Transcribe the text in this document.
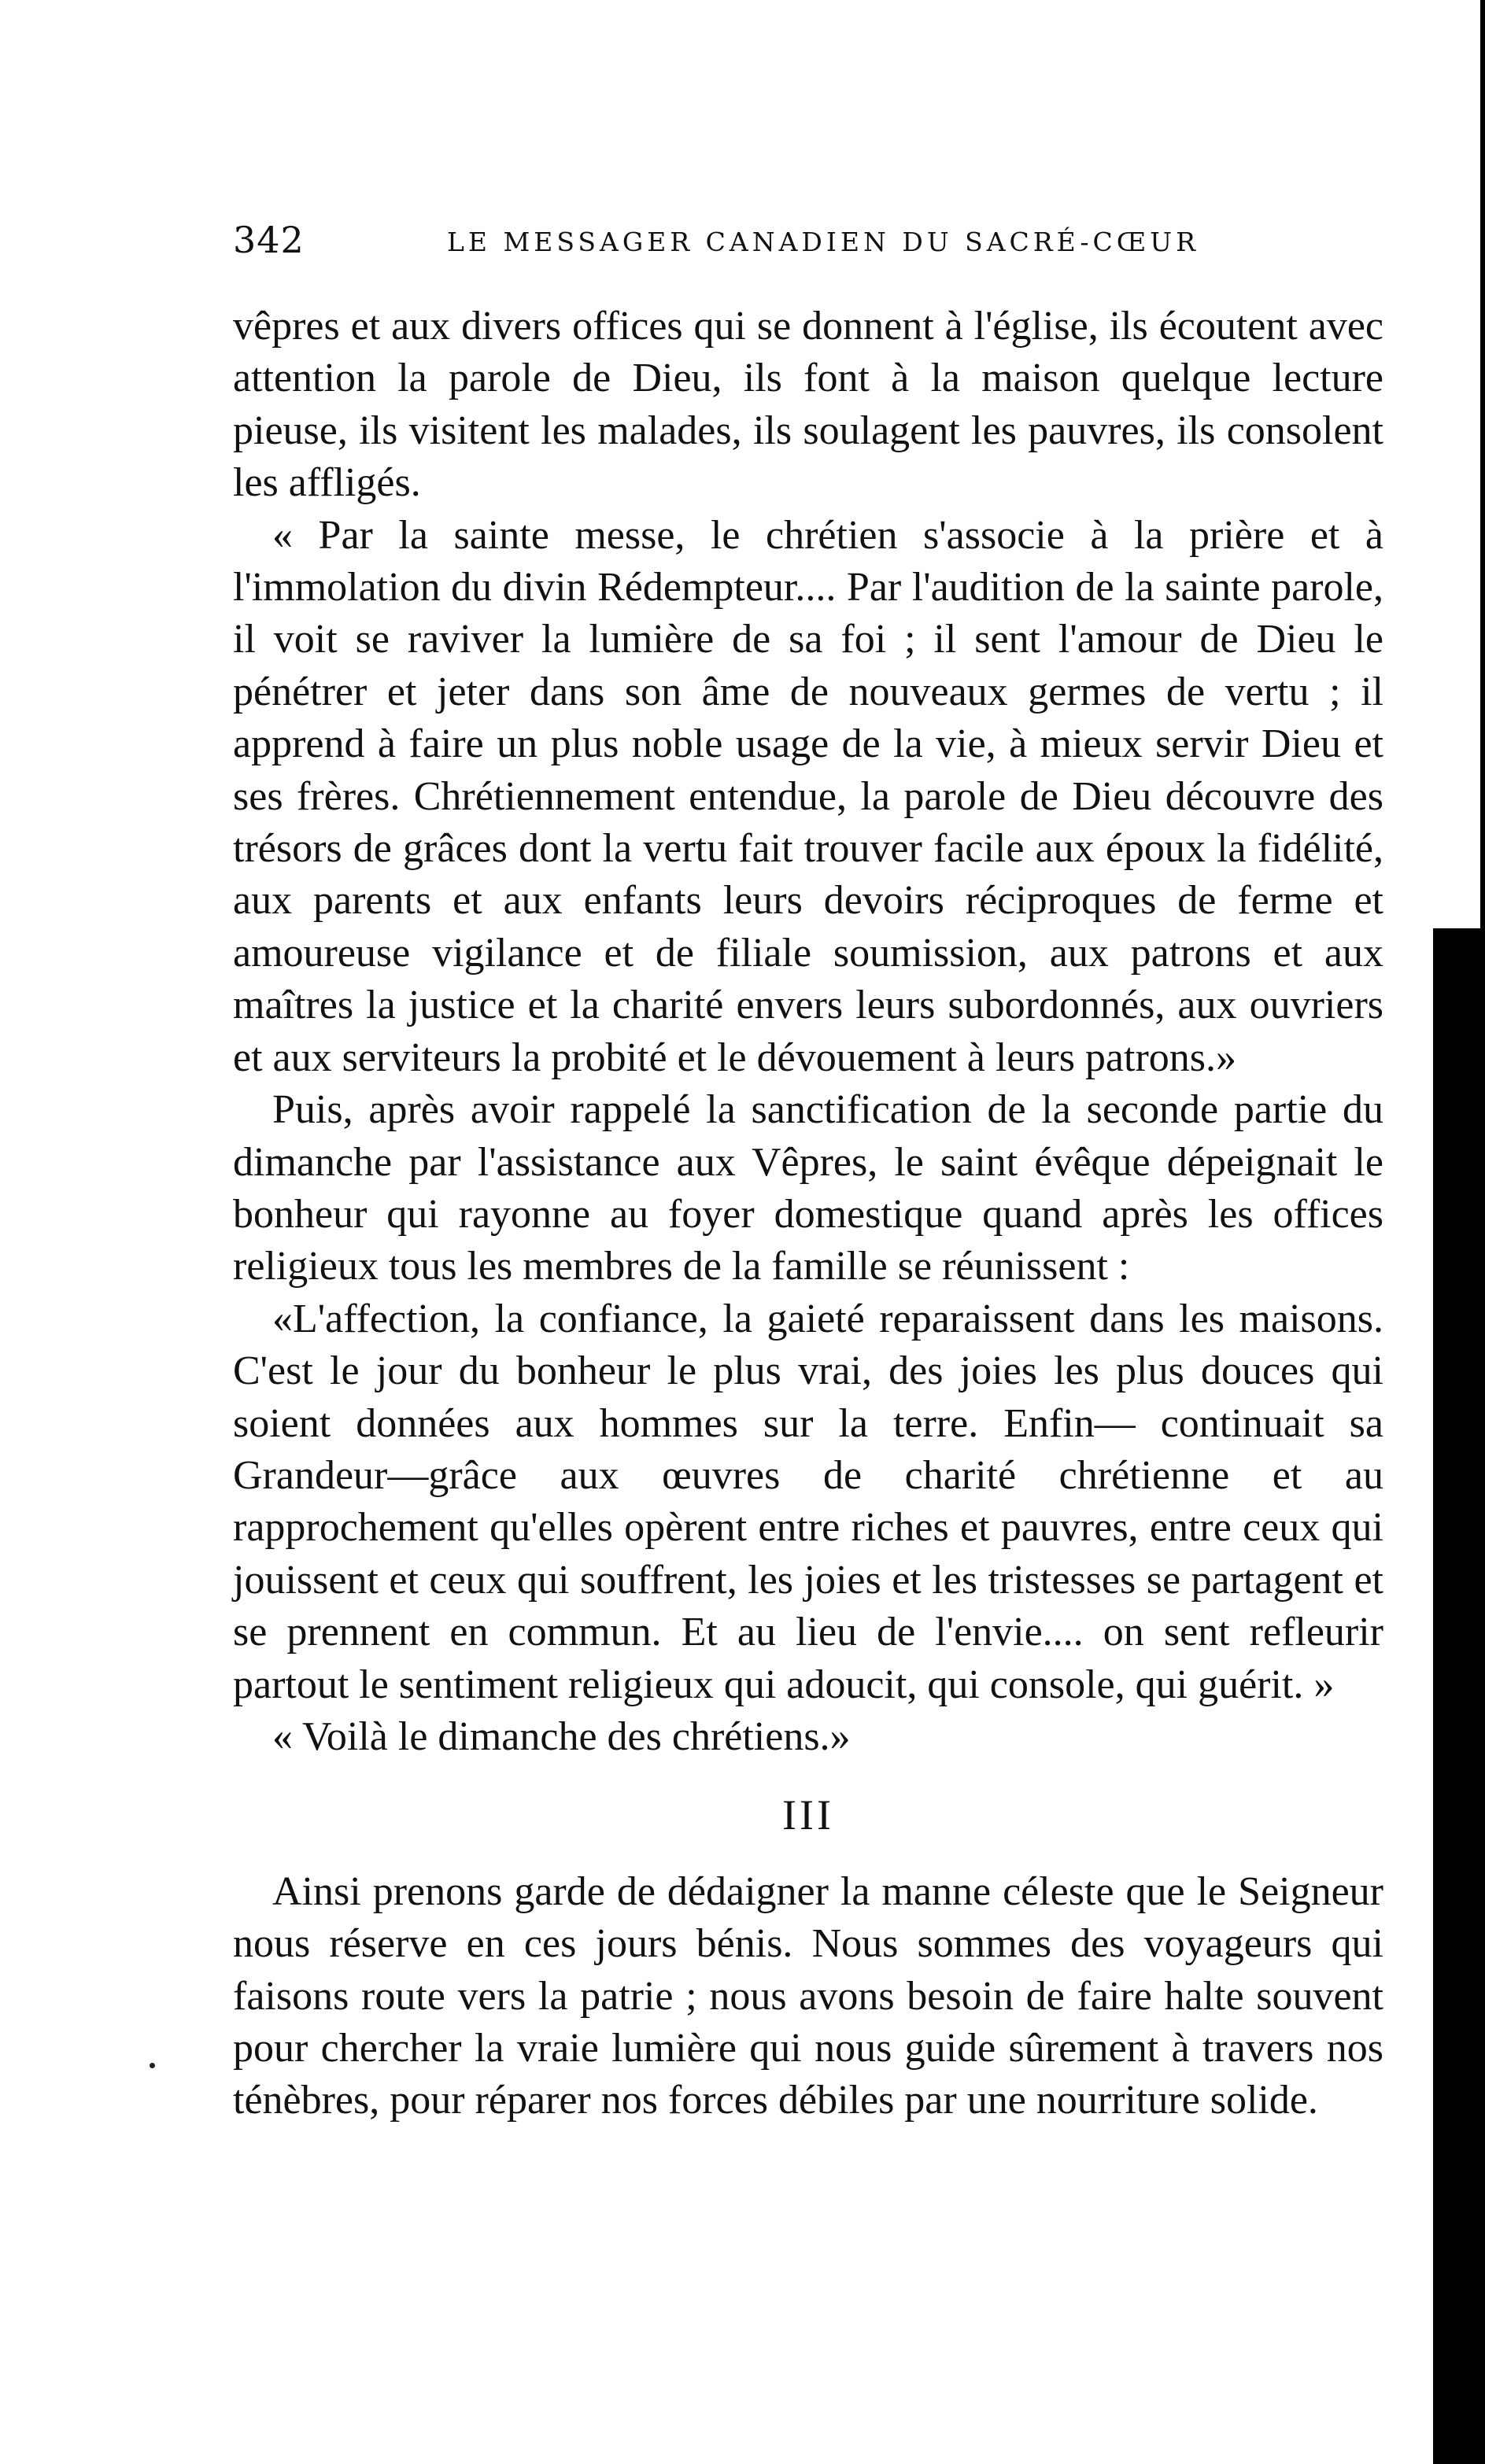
342	LE MESSAGER CANADIEN DU SACRÉ-CŒUR

vêpres et aux divers offices qui se donnent à l'église, ils écoutent avec attention la parole de Dieu, ils font à la maison quelque lecture pieuse, ils visitent les malades, ils soulagent les pauvres, ils consolent les affligés.

« Par la sainte messe, le chrétien s'associe à la prière et à l'immolation du divin Rédempteur.... Par l'audition de la sainte parole, il voit se raviver la lumière de sa foi ; il sent l'amour de Dieu le pénétrer et jeter dans son âme de nouveaux germes de vertu ; il apprend à faire un plus noble usage de la vie, à mieux servir Dieu et ses frères. Chrétiennement entendue, la parole de Dieu découvre des trésors de grâces dont la vertu fait trouver facile aux époux la fidélité, aux parents et aux enfants leurs devoirs réciproques de ferme et amoureuse vigilance et de filiale soumission, aux patrons et aux maîtres la justice et la charité envers leurs subordonnés, aux ouvriers et aux serviteurs la probité et le dévouement à leurs patrons.»

Puis, après avoir rappelé la sanctification de la seconde partie du dimanche par l'assistance aux Vêpres, le saint évêque dépeignait le bonheur qui rayonne au foyer domestique quand après les offices religieux tous les membres de la famille se réunissent :

«L'affection, la confiance, la gaieté reparaissent dans les maisons. C'est le jour du bonheur le plus vrai, des joies les plus douces qui soient données aux hommes sur la terre. Enfin— continuait sa Grandeur—grâce aux œuvres de charité chrétienne et au rapprochement qu'elles opèrent entre riches et pauvres, entre ceux qui jouissent et ceux qui souffrent, les joies et les tristesses se partagent et se prennent en commun. Et au lieu de l'envie.... on sent refleurir partout le sentiment religieux qui adoucit, qui console, qui guérit. »

« Voilà le dimanche des chrétiens.»

III

Ainsi prenons garde de dédaigner la manne céleste que le Seigneur nous réserve en ces jours bénis. Nous sommes des voyageurs qui faisons route vers la patrie ; nous avons besoin de faire halte souvent pour chercher la vraie lumière qui nous guide sûrement à travers nos ténèbres, pour réparer nos forces débiles par une nourriture solide.
